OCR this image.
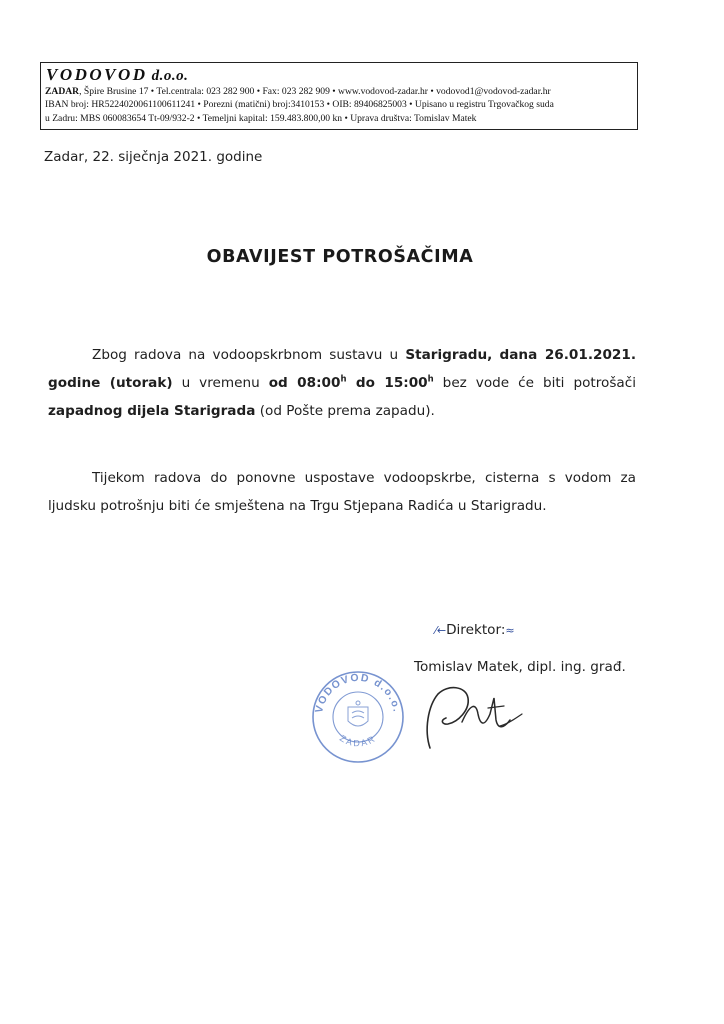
VODOVOD d.o.o.
ZADAR, Špire Brusine 17 • Tel.centrala: 023 282 900 • Fax: 023 282 909 • www.vodovod-zadar.hr • vodovod1@vodovod-zadar.hr
IBAN broj: HR5224020061100611241 • Porezni (matični) broj:3410153 • OIB: 89406825003 • Upisano u registru Trgovačkog suda
u Zadru: MBS 060083654 Tt-09/932-2 • Temeljni kapital: 159.483.800,00 kn • Uprava društva: Tomislav Matek
Zadar, 22. siječnja 2021. godine
OBAVIJEST POTROŠAČIMA
Zbog radova na vodoopskrbnom sustavu u Starigradu, dana 26.01.2021. godine (utorak) u vremenu od 08:00$^h$ do 15:00$^h$ bez vode će biti potrošači zapadnog dijela Starigrada (od Pošte prema zapadu).
Tijekom radova do ponovne uspostave vodoopskrbe, cisterna s vodom za ljudsku potrošnju biti će smještena na Trgu Stjepana Radića u Starigradu.
⁄←Direktor:≈
Tomislav Matek, dipl. ing. građ.
VODOVOD d.o.o.
ZADAR
